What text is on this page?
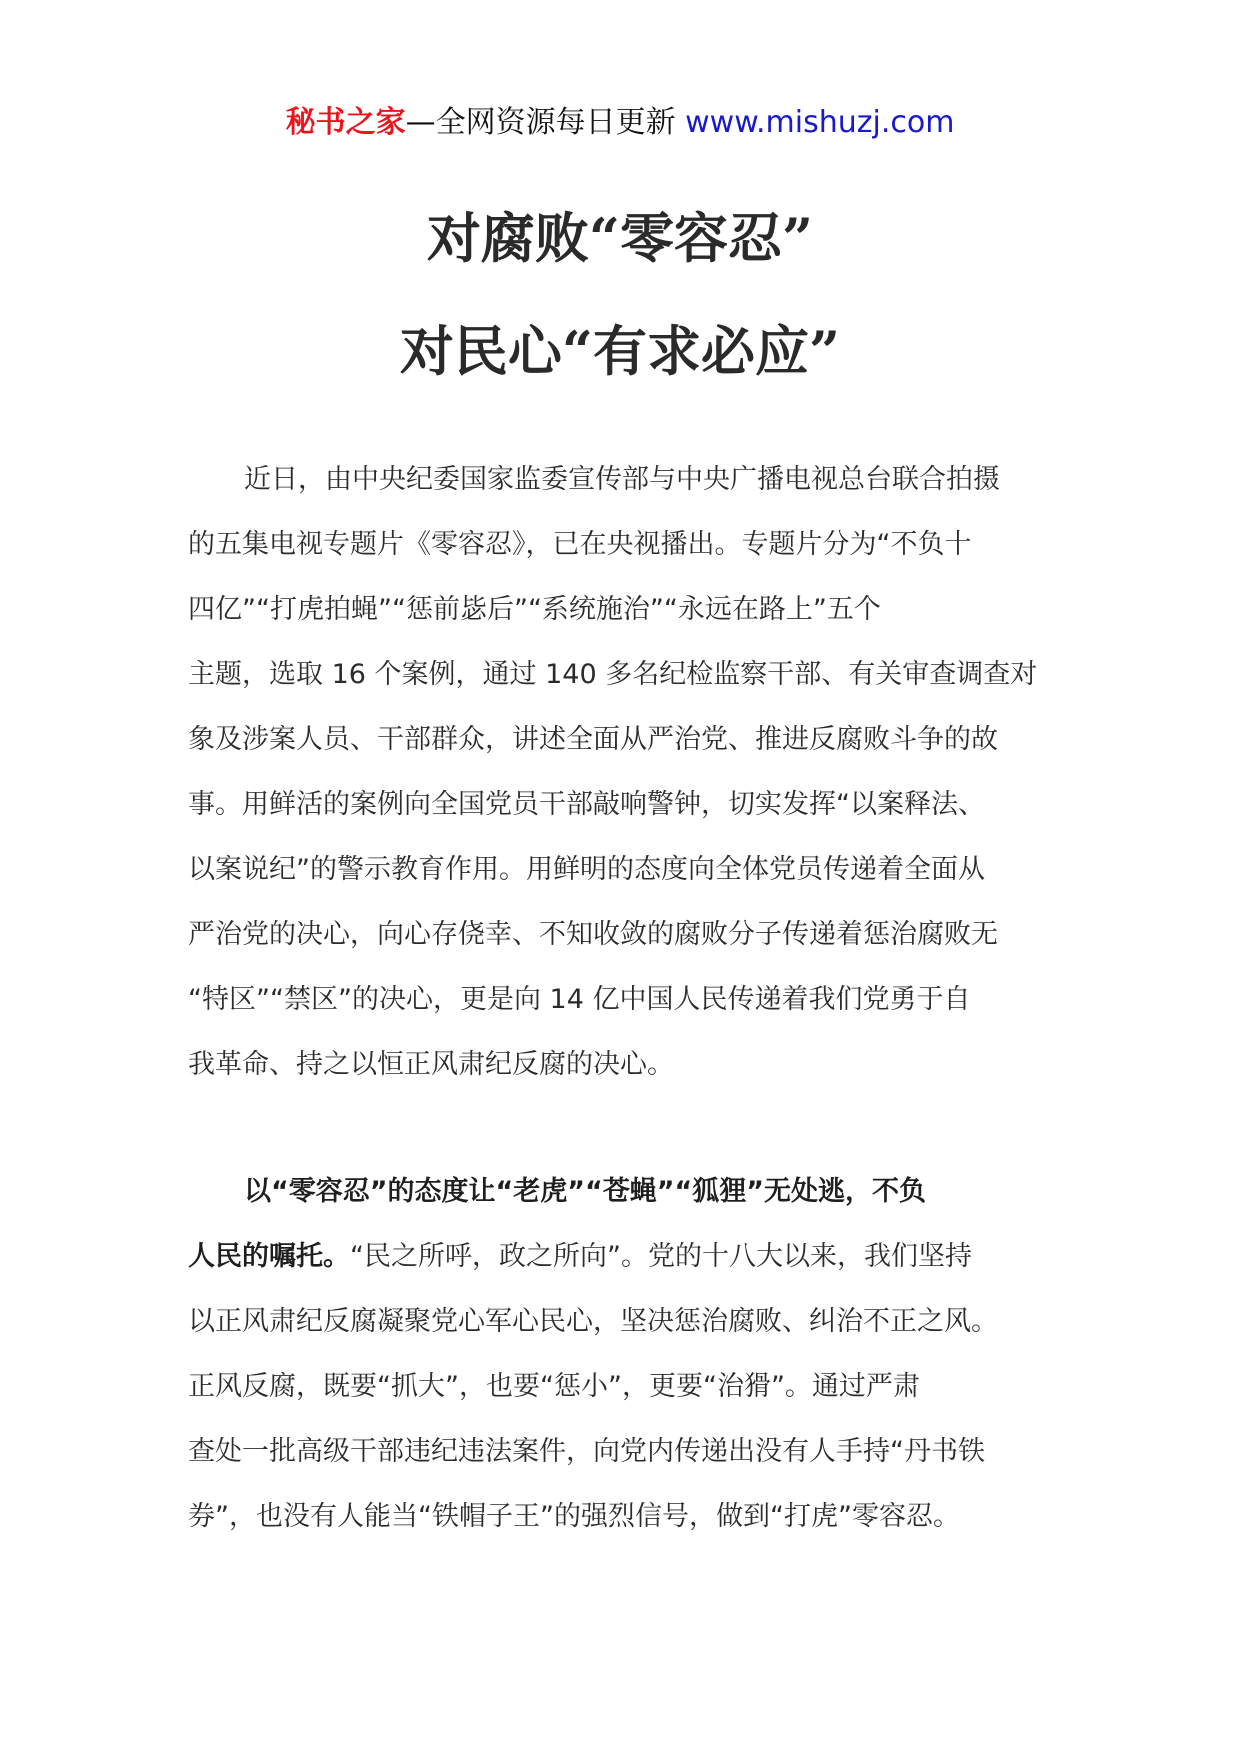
秘书之家—全网资源每日更新 www.mishuzj.com
对腐败“零容忍”
对民心“有求必应”
近日，由中央纪委国家监委宣传部与中央广播电视总台联合拍摄
的五集电视专题片《零容忍》，已在央视播出。专题片分为“不负十
四亿”“打虎拍蝇”“惩前毖后”“系统施治”“永远在路上”五个
主题，选取 16 个案例，通过 140 多名纪检监察干部、有关审查调查对
象及涉案人员、干部群众，讲述全面从严治党、推进反腐败斗争的故
事。用鲜活的案例向全国党员干部敲响警钟，切实发挥“以案释法、
以案说纪”的警示教育作用。用鲜明的态度向全体党员传递着全面从
严治党的决心，向心存侥幸、不知收敛的腐败分子传递着惩治腐败无
“特区”“禁区”的决心，更是向 14 亿中国人民传递着我们党勇于自
我革命、持之以恒正风肃纪反腐的决心。
以“零容忍”的态度让“老虎”“苍蝇”“狐狸”无处逃，不负
人民的嘱托。“民之所呼，政之所向”。党的十八大以来，我们坚持
以正风肃纪反腐凝聚党心军心民心，坚决惩治腐败、纠治不正之风。
正风反腐，既要“抓大”，也要“惩小”，更要“治猾”。通过严肃
查处一批高级干部违纪违法案件，向党内传递出没有人手持“丹书铁
券”，也没有人能当“铁帽子王”的强烈信号，做到“打虎”零容忍。
